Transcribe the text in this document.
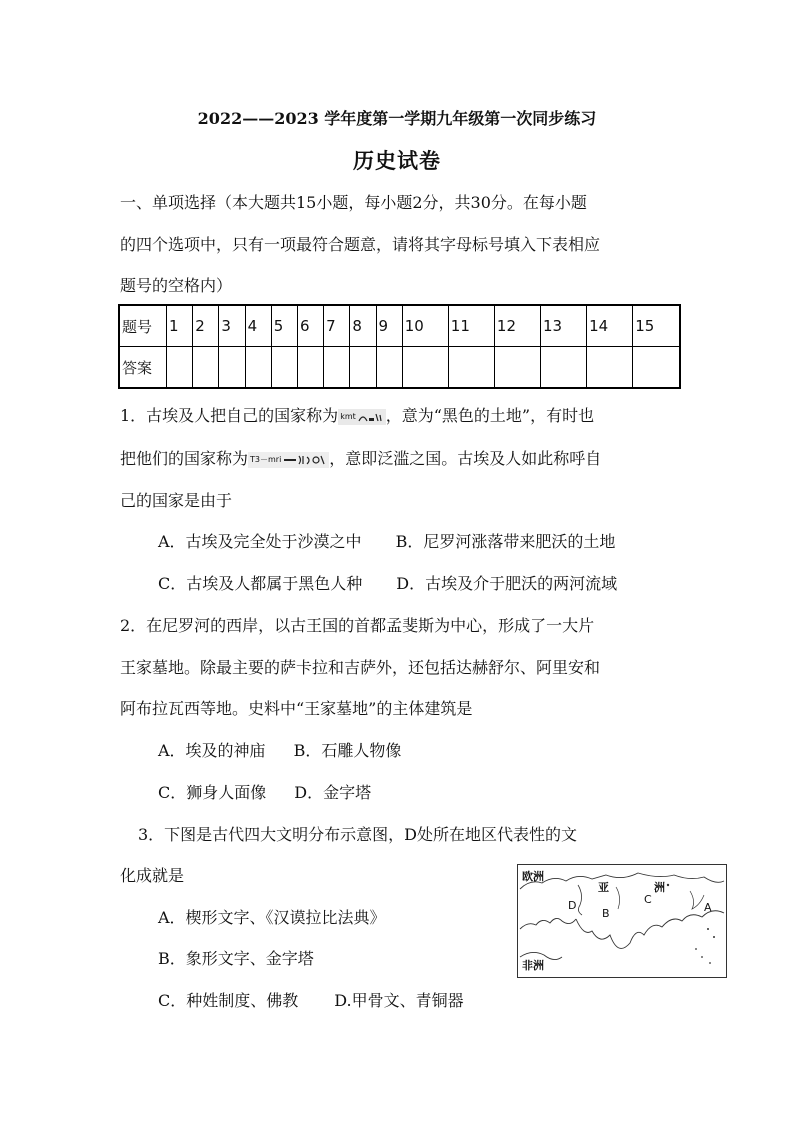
2022——2023 学年度第一学期九年级第一次同步练习
历史试卷
一、单项选择（本大题共15小题，每小题2分，共30分。在每小题
的四个选项中，只有一项最符合题意，请将其字母标号填入下表相应
题号的空格内）
题号	1	2	3	4	5	6	7	8	9	10	11	12	13	14	15
答案															
1．古埃及人把自己的国家称为 kmt ，意为“黑色的土地”，有时也
把他们的国家称为 T3－mri	，意即泛滥之国。古埃及人如此称呼自
己的国家是由于
A．古埃及完全处于沙漠之中 B．尼罗河涨落带来肥沃的土地
C．古埃及人都属于黑色人种 D．古埃及介于肥沃的两河流域
2．在尼罗河的西岸，以古王国的首都孟斐斯为中心，形成了一大片
王家墓地。除最主要的萨卡拉和吉萨外，还包括达赫舒尔、阿里安和
阿布拉瓦西等地。史料中“王家墓地”的主体建筑是
A．埃及的神庙 B．石雕人物像
C．狮身人面像 D．金字塔
3．下图是古代四大文明分布示意图，D处所在地区代表性的文
化成就是
A．楔形文字、《汉谟拉比法典》
B．象形文字、金字塔
C．种姓制度、佛教 D.甲骨文、青铜器
欧洲
亚	洲
非洲
D
B
C
A
